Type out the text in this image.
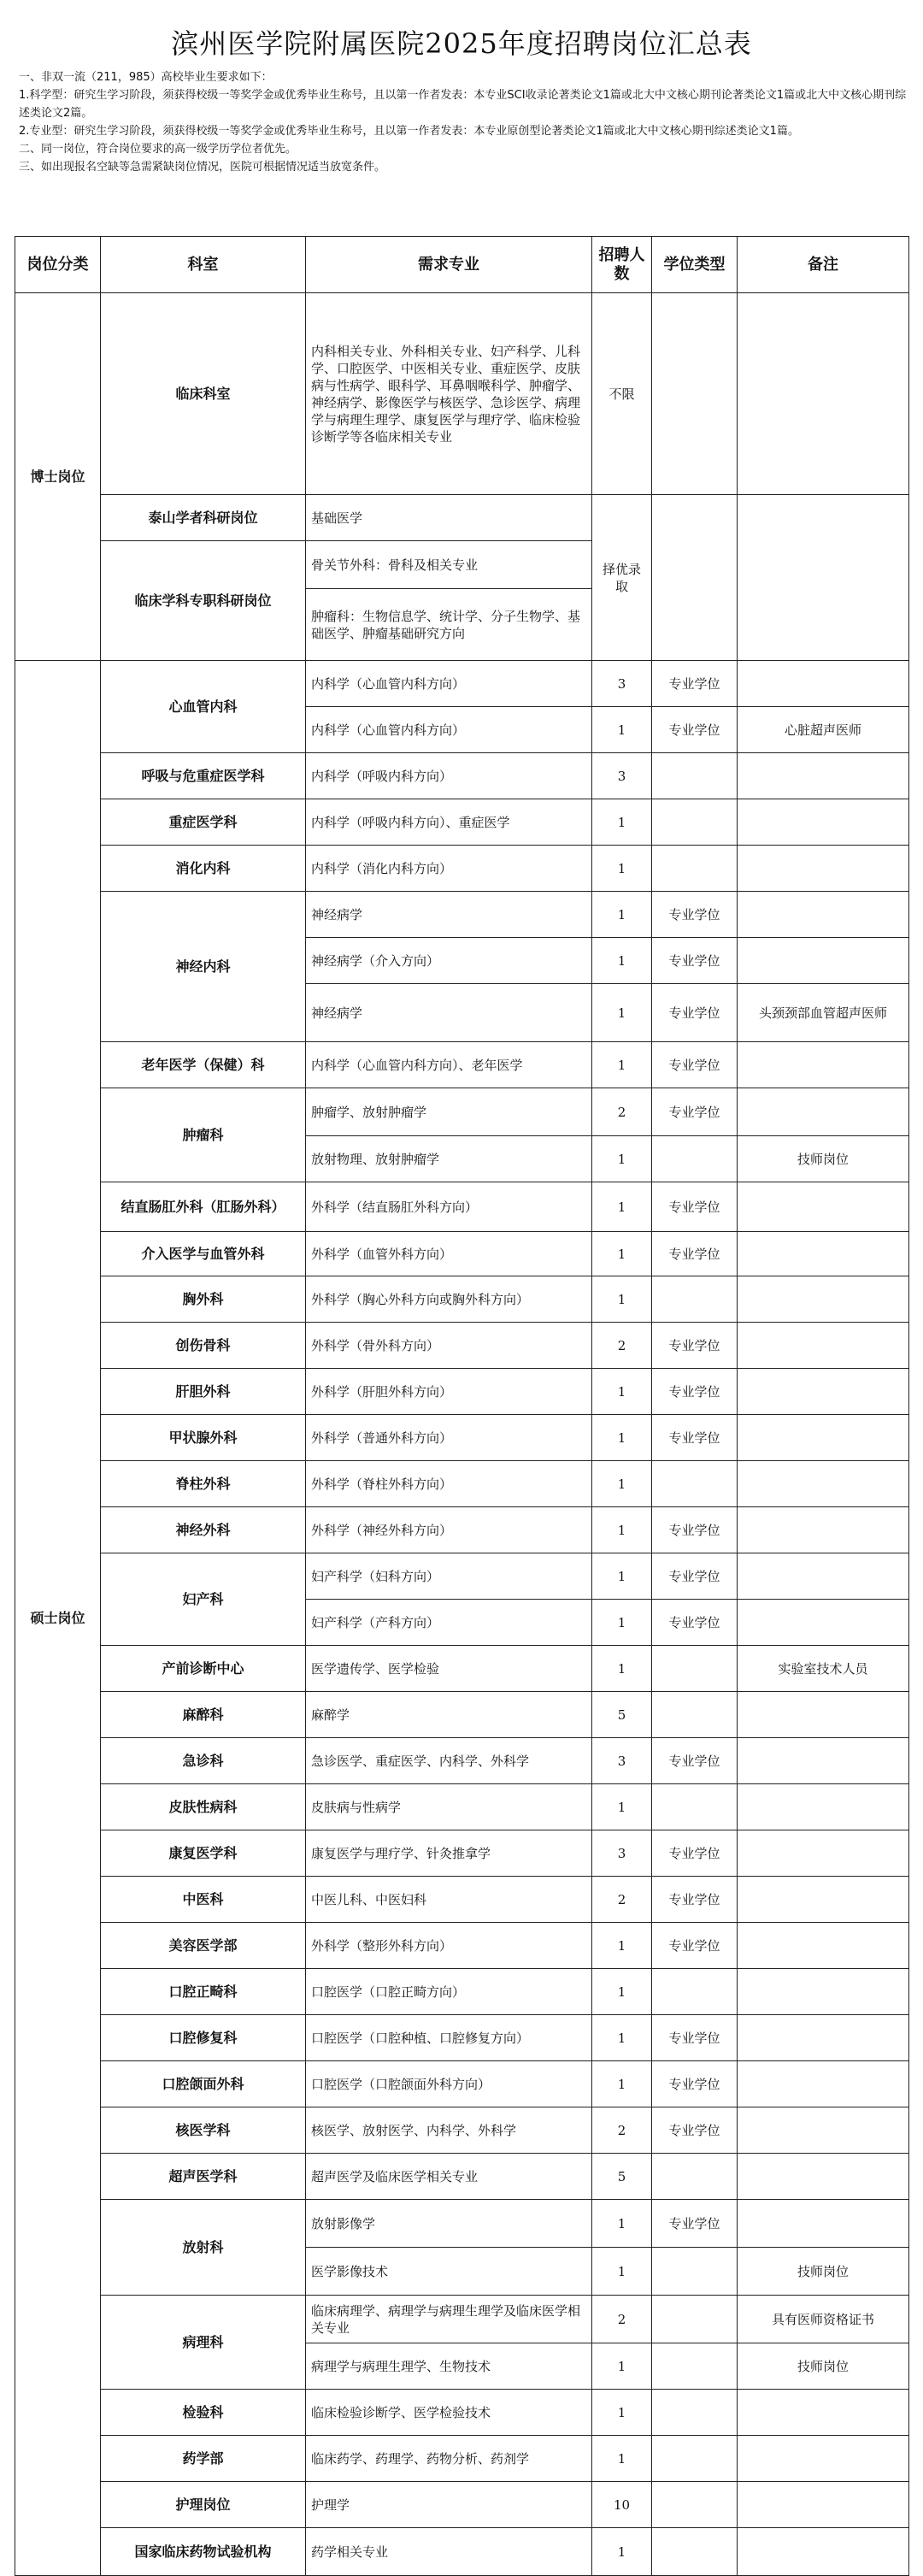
滨州医学院附属医院2025年度招聘岗位汇总表
一、非双一流（211，985）高校毕业生要求如下：
1.科学型：研究生学习阶段，须获得校级一等奖学金或优秀毕业生称号，且以第一作者发表：本专业SCI收录论著类论文1篇或北大中文核心期刊论著类论文1篇或北大中文核心期刊综述类论文2篇。
2.专业型：研究生学习阶段，须获得校级一等奖学金或优秀毕业生称号，且以第一作者发表：本专业原创型论著类论文1篇或北大中文核心期刊综述类论文1篇。
二、同一岗位，符合岗位要求的高一级学历学位者优先。
三、如出现报名空缺等急需紧缺岗位情况，医院可根据情况适当放宽条件。
岗位分类	科室	需求专业	招聘人数	学位类型	备注
博士岗位	临床科室	内科相关专业、外科相关专业、妇产科学、儿科学、口腔医学、中医相关专业、重症医学、皮肤病与性病学、眼科学、耳鼻咽喉科学、肿瘤学、神经病学、影像医学与核医学、急诊医学、病理学与病理生理学、康复医学与理疗学、临床检验诊断学等各临床相关专业	不限		
	泰山学者科研岗位	基础医学	择优录取		
	临床学科专职科研岗位	骨关节外科：骨科及相关专业			
		肿瘤科：生物信息学、统计学、分子生物学、基础医学、肿瘤基础研究方向			
硕士岗位	心血管内科	内科学（心血管内科方向）	3	专业学位	
		内科学（心血管内科方向）	1	专业学位	心脏超声医师
	呼吸与危重症医学科	内科学（呼吸内科方向）	3		
	重症医学科	内科学（呼吸内科方向）、重症医学	1		
	消化内科	内科学（消化内科方向）	1		
	神经内科	神经病学	1	专业学位	
		神经病学（介入方向）	1	专业学位	
		神经病学	1	专业学位	头颈颈部血管超声医师
	老年医学（保健）科	内科学（心血管内科方向）、老年医学	1	专业学位	
	肿瘤科	肿瘤学、放射肿瘤学	2	专业学位	
		放射物理、放射肿瘤学	1		技师岗位
	结直肠肛外科（肛肠外科）	外科学（结直肠肛外科方向）	1	专业学位	
	介入医学与血管外科	外科学（血管外科方向）	1	专业学位	
	胸外科	外科学（胸心外科方向或胸外科方向）	1		
	创伤骨科	外科学（骨外科方向）	2	专业学位	
	肝胆外科	外科学（肝胆外科方向）	1	专业学位	
	甲状腺外科	外科学（普通外科方向）	1	专业学位	
	脊柱外科	外科学（脊柱外科方向）	1		
	神经外科	外科学（神经外科方向）	1	专业学位	
	妇产科	妇产科学（妇科方向）	1	专业学位	
		妇产科学（产科方向）	1	专业学位	
	产前诊断中心	医学遗传学、医学检验	1		实验室技术人员
	麻醉科	麻醉学	5		
	急诊科	急诊医学、重症医学、内科学、外科学	3	专业学位	
	皮肤性病科	皮肤病与性病学	1		
	康复医学科	康复医学与理疗学、针灸推拿学	3	专业学位	
	中医科	中医儿科、中医妇科	2	专业学位	
	美容医学部	外科学（整形外科方向）	1	专业学位	
	口腔正畸科	口腔医学（口腔正畸方向）	1		
	口腔修复科	口腔医学（口腔种植、口腔修复方向）	1	专业学位	
	口腔颌面外科	口腔医学（口腔颌面外科方向）	1	专业学位	
	核医学科	核医学、放射医学、内科学、外科学	2	专业学位	
	超声医学科	超声医学及临床医学相关专业	5		
	放射科	放射影像学	1	专业学位	
		医学影像技术	1		技师岗位
	病理科	临床病理学、病理学与病理生理学及临床医学相关专业	2		具有医师资格证书
		病理学与病理生理学、生物技术	1		技师岗位
	检验科	临床检验诊断学、医学检验技术	1		
	药学部	临床药学、药理学、药物分析、药剂学	1		
	护理岗位	护理学	10		
	国家临床药物试验机构	药学相关专业	1		
